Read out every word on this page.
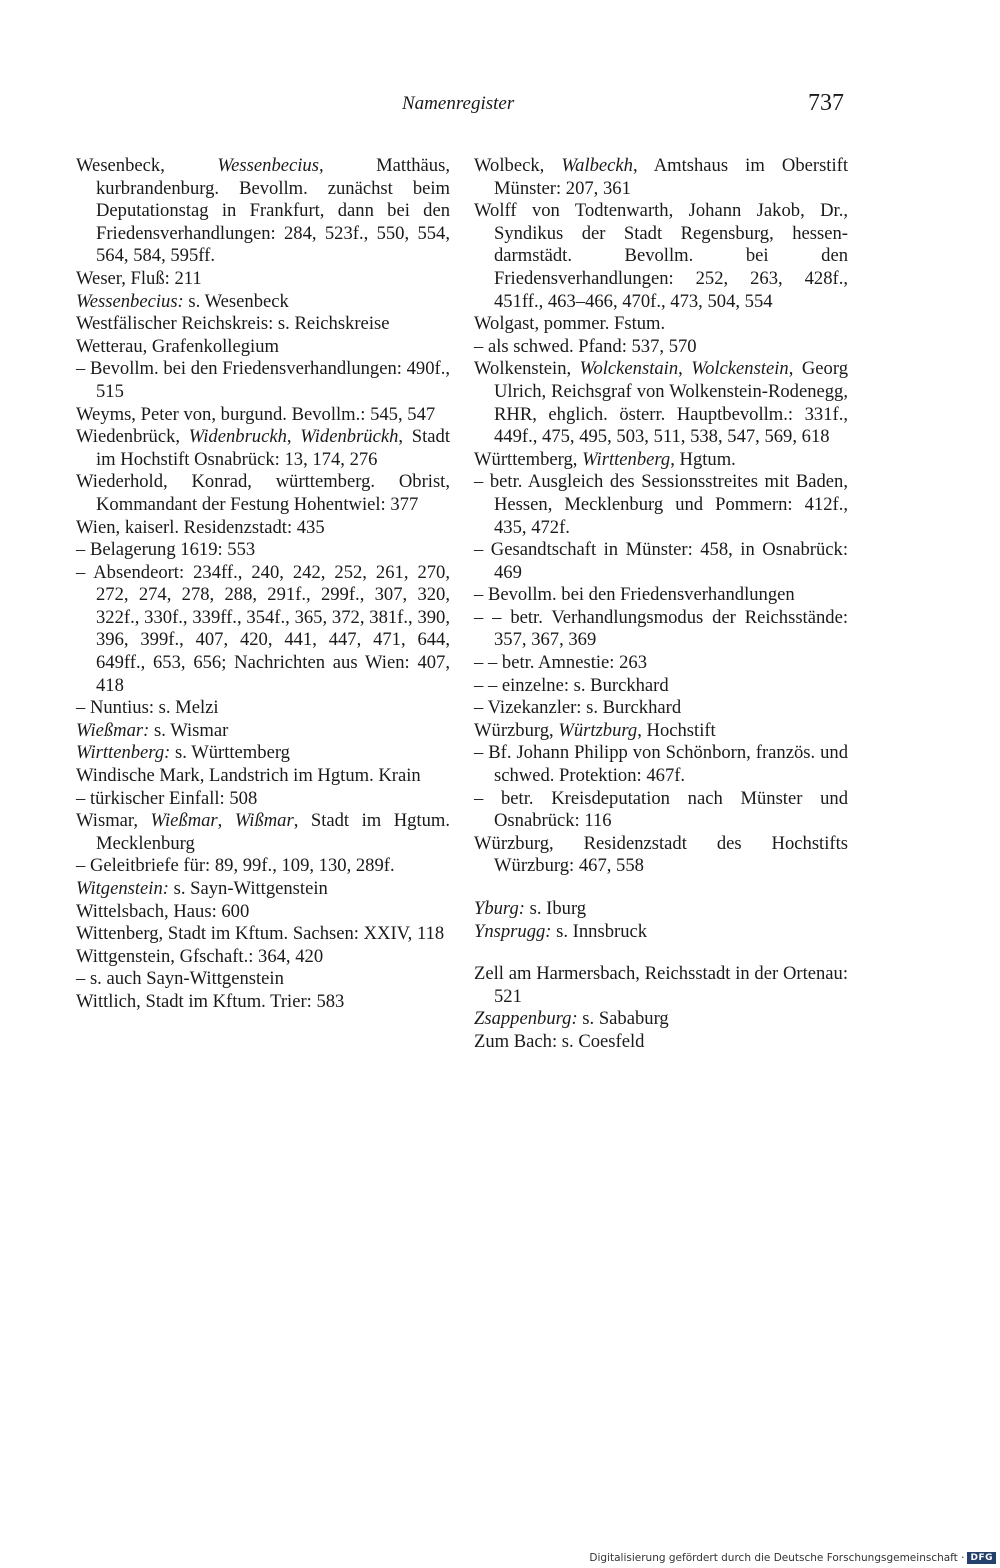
Namenregister	737
Wesenbeck, Wessenbecius, Matthäus, kurbrandenburg. Bevollm. zunächst beim Deputationstag in Frankfurt, dann bei den Friedensverhandlungen: 284, 523f., 550, 554, 564, 584, 595ff.
Weser, Fluß: 211
Wessenbecius: s. Wesenbeck
Westfälischer Reichskreis: s. Reichskreise
Wetterau, Grafenkollegium
– Bevollm. bei den Friedensverhandlungen: 490f., 515
Weyms, Peter von, burgund. Bevollm.: 545, 547
Wiedenbrück, Widenbruckh, Widenbrückh, Stadt im Hochstift Osnabrück: 13, 174, 276
Wiederhold, Konrad, württemberg. Obrist, Kommandant der Festung Hohentwiel: 377
Wien, kaiserl. Residenzstadt: 435
– Belagerung 1619: 553
– Absendeort: 234ff., 240, 242, 252, 261, 270, 272, 274, 278, 288, 291f., 299f., 307, 320, 322f., 330f., 339ff., 354f., 365, 372, 381f., 390, 396, 399f., 407, 420, 441, 447, 471, 644, 649ff., 653, 656; Nachrichten aus Wien: 407, 418
– Nuntius: s. Melzi
Wießmar: s. Wismar
Wirttenberg: s. Württemberg
Windische Mark, Landstrich im Hgtum. Krain
– türkischer Einfall: 508
Wismar, Wießmar, Wißmar, Stadt im Hgtum. Mecklenburg
– Geleitbriefe für: 89, 99f., 109, 130, 289f.
Witgenstein: s. Sayn-Wittgenstein
Wittelsbach, Haus: 600
Wittenberg, Stadt im Kftum. Sachsen: XXIV, 118
Wittgenstein, Gfschaft.: 364, 420
– s. auch Sayn-Wittgenstein
Wittlich, Stadt im Kftum. Trier: 583
Wolbeck, Walbeckh, Amtshaus im Oberstift Münster: 207, 361
Wolff von Todtenwarth, Johann Jakob, Dr., Syndikus der Stadt Regensburg, hessen-darmstädt. Bevollm. bei den Friedensverhandlungen: 252, 263, 428f., 451ff., 463–466, 470f., 473, 504, 554
Wolgast, pommer. Fstum.
– als schwed. Pfand: 537, 570
Wolkenstein, Wolckenstain, Wolckenstein, Georg Ulrich, Reichsgraf von Wolkenstein-Rodenegg, RHR, ehglich. österr. Hauptbevollm.: 331f., 449f., 475, 495, 503, 511, 538, 547, 569, 618
Württemberg, Wirttenberg, Hgtum.
– betr. Ausgleich des Sessionsstreites mit Baden, Hessen, Mecklenburg und Pommern: 412f., 435, 472f.
– Gesandtschaft in Münster: 458, in Osnabrück: 469
– Bevollm. bei den Friedensverhandlungen
– – betr. Verhandlungsmodus der Reichsstände: 357, 367, 369
– – betr. Amnestie: 263
– – einzelne: s. Burckhard
– Vizekanzler: s. Burckhard
Würzburg, Würtzburg, Hochstift
– Bf. Johann Philipp von Schönborn, französ. und schwed. Protektion: 467f.
– betr. Kreisdeputation nach Münster und Osnabrück: 116
Würzburg, Residenzstadt des Hochstifts Würzburg: 467, 558
Yburg: s. Iburg
Ynsprugg: s. Innsbruck
Zell am Harmersbach, Reichsstadt in der Ortenau: 521
Zsappenburg: s. Sababurg
Zum Bach: s. Coesfeld
Digitalisierung gefördert durch die Deutsche Forschungsgemeinschaft · DFG
